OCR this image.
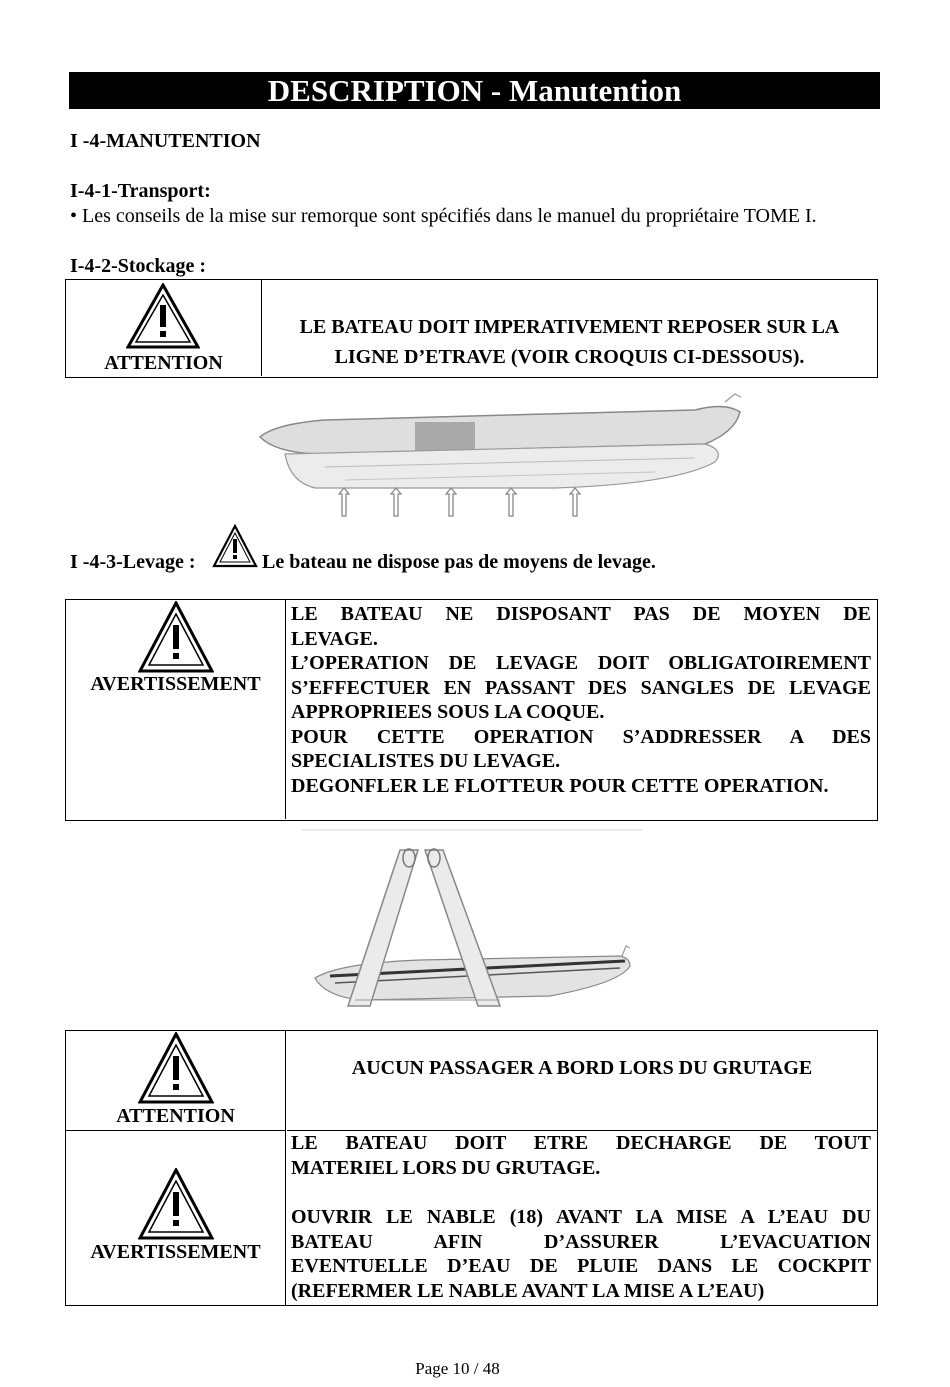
DESCRIPTION - Manutention
I -4-MANUTENTION
I-4-1-Transport:
• Les conseils de la mise sur remorque sont spécifiés dans le manuel du propriétaire TOME I.
I-4-2-Stockage :
ATTENTION
LE BATEAU DOIT IMPERATIVEMENT REPOSER SUR LA
LIGNE D’ETRAVE (VOIR CROQUIS CI-DESSOUS).
I -4-3-Levage :	Le bateau ne dispose pas de moyens de levage.
AVERTISSEMENT
LE BATEAU NE DISPOSANT PAS DE MOYEN DE
LEVAGE.
L’OPERATION DE LEVAGE DOIT OBLIGATOIREMENT
S’EFFECTUER EN PASSANT DES SANGLES DE LEVAGE
APPROPRIEES SOUS LA COQUE.
POUR CETTE OPERATION S’ADDRESSER A DES
SPECIALISTES DU LEVAGE.
DEGONFLER LE FLOTTEUR POUR CETTE OPERATION.
ATTENTION
AUCUN PASSAGER A BORD LORS DU GRUTAGE
AVERTISSEMENT
LE BATEAU DOIT ETRE DECHARGE DE TOUT
MATERIEL LORS DU GRUTAGE.
OUVRIR LE NABLE (18) AVANT LA MISE A L’EAU DU
BATEAU AFIN D’ASSURER L’EVACUATION
EVENTUELLE D’EAU DE PLUIE DANS LE COCKPIT
(REFERMER LE NABLE AVANT LA MISE A L’EAU)
Page 10 / 48
